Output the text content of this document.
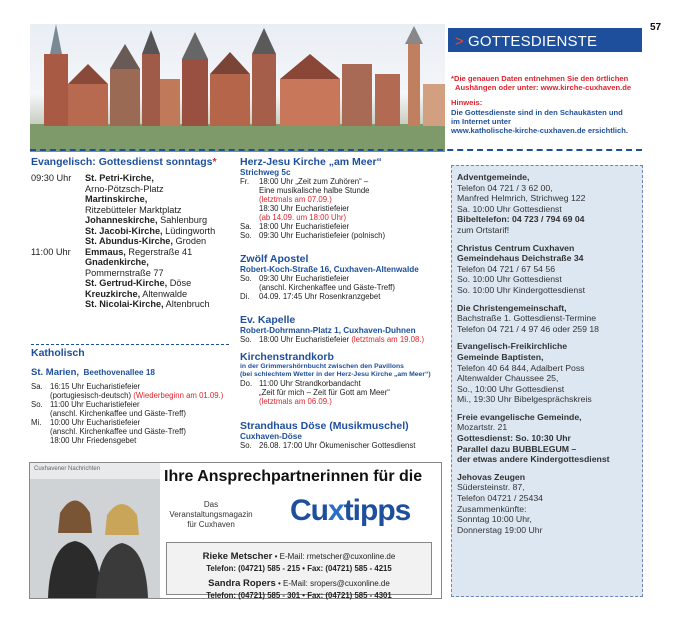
> GOTTESDIENSTE
57
*Die genauen Daten entnehmen Sie den örtlichen
Aushängen oder unter: www.kirche-cuxhaven.de
Hinweis:
Die Gottesdienste sind in den Schaukästen und
im Internet unter
www.katholische-kirche-cuxhaven.de ersichtlich.
Evangelisch: Gottesdienst sonntags*
09:30 Uhr	St. Petri-Kirche,
Arno-Pötzsch-Platz
Martinskirche,
Ritzebütteler Marktplatz
Johanneskirche, Sahlenburg
St. Jacobi-Kirche, Lüdingworth
St. Abundus-Kirche, Groden
11:00 Uhr	Emmaus, Regerstraße 41
Gnadenkirche,
Pommernstraße 77
St. Gertrud-Kirche, Döse
Kreuzkirche, Altenwalde
St. Nicolai-Kirche, Altenbruch
Katholisch
St. Marien, Beethovenallee 18
Sa. 16:15 Uhr Eucharistiefeier
(portugiesisch-deutsch) (Wiederbeginn am 01.09.)
So. 11:00 Uhr Eucharistiefeier
(anschl. Kirchenkaffee und Gäste-Treff)
Mi.	10:00 Uhr Eucharistiefeier
(anschl. Kirchenkaffee und Gäste-Treff)
18:00 Uhr Friedensgebet
Herz-Jesu Kirche „am Meer“
Strichweg 5c
Fr.	18:00 Uhr „Zeit zum Zuhören“ –
Eine musikalische halbe Stunde
(letztmals am 07.09.)
18:30 Uhr Eucharistiefeier
(ab 14.09. um 18:00 Uhr)
Sa. 18:00 Uhr Eucharistiefeier
So. 09:30 Uhr Eucharistiefeier (polnisch)
Zwölf Apostel
Robert-Koch-Straße 16, Cuxhaven-Altenwalde
So. 09:30 Uhr Eucharistiefeier
(anschl. Kirchenkaffee und Gäste-Treff)
Di.	04.09. 17:45 Uhr Rosenkranzgebet
Ev. Kapelle
Robert-Dohrmann-Platz 1, Cuxhaven-Duhnen
So. 18:00 Uhr Eucharistiefeier (letztmals am 19.08.)
Kirchenstrandkorb
in der Grimmershörnbucht zwischen den Pavillons
(bei schlechtem Wetter in der Herz-Jesu Kirche „am Meer“)
Do. 11:00 Uhr Strandkorbandacht
„Zeit für mich – Zeit für Gott am Meer“
(letztmals am 06.09.)
Strandhaus Döse (Musikmuschel)
Cuxhaven-Döse
So. 26.08. 17:00 Uhr Ökumenischer Gottesdienst
Adventgemeinde,
Telefon 04 721 / 3 62 00,
Manfred Helmrich, Strichweg 122
Sa. 10:00 Uhr Gottesdienst
Bibeltelefon: 04 723 / 794 69 04
zum Ortstarif!
Christus Centrum Cuxhaven
Gemeindehaus Deichstraße 34
Telefon 04 721 / 67 54 56
So. 10:00 Uhr Gottesdienst
So. 10:00 Uhr Kindergottesdienst
Die Christengemeinschaft,
Bachstraße 1. Gottesdienst-Termine
Telefon 04 721 / 4 97 46 oder 259 18
Evangelisch-Freikirchliche
Gemeinde Baptisten,
Telefon 40 64 844, Adalbert Poss
Altenwalder Chaussee 25,
So., 10:00 Uhr Gottesdienst
Mi., 19:30 Uhr Bibelgesprächskreis
Freie evangelische Gemeinde,
Mozartstr. 21
Gottesdienst: So. 10:30 Uhr
Parallel dazu BUBBLEGUM –
der etwas andere Kindergottesdienst
Jehovas Zeugen
Südersteinstr. 87,
Telefon 04721 / 25434
Zusammenkünfte:
Sonntag 10:00 Uhr,
Donnerstag 19:00 Uhr
Cuxhavener Nachrichten	Ihre Ansprechpartnerinnen für die
Das Veranstaltungsmagazin für Cuxhaven	Cuxtipps
Rieke Metscher • E-Mail: rmetscher@cuxonline.de
Telefon: (04721) 585 - 215 • Fax: (04721) 585 - 4215
Sandra Ropers • E-Mail: sropers@cuxonline.de
Telefon: (04721) 585 - 301 • Fax: (04721) 585 - 4301
